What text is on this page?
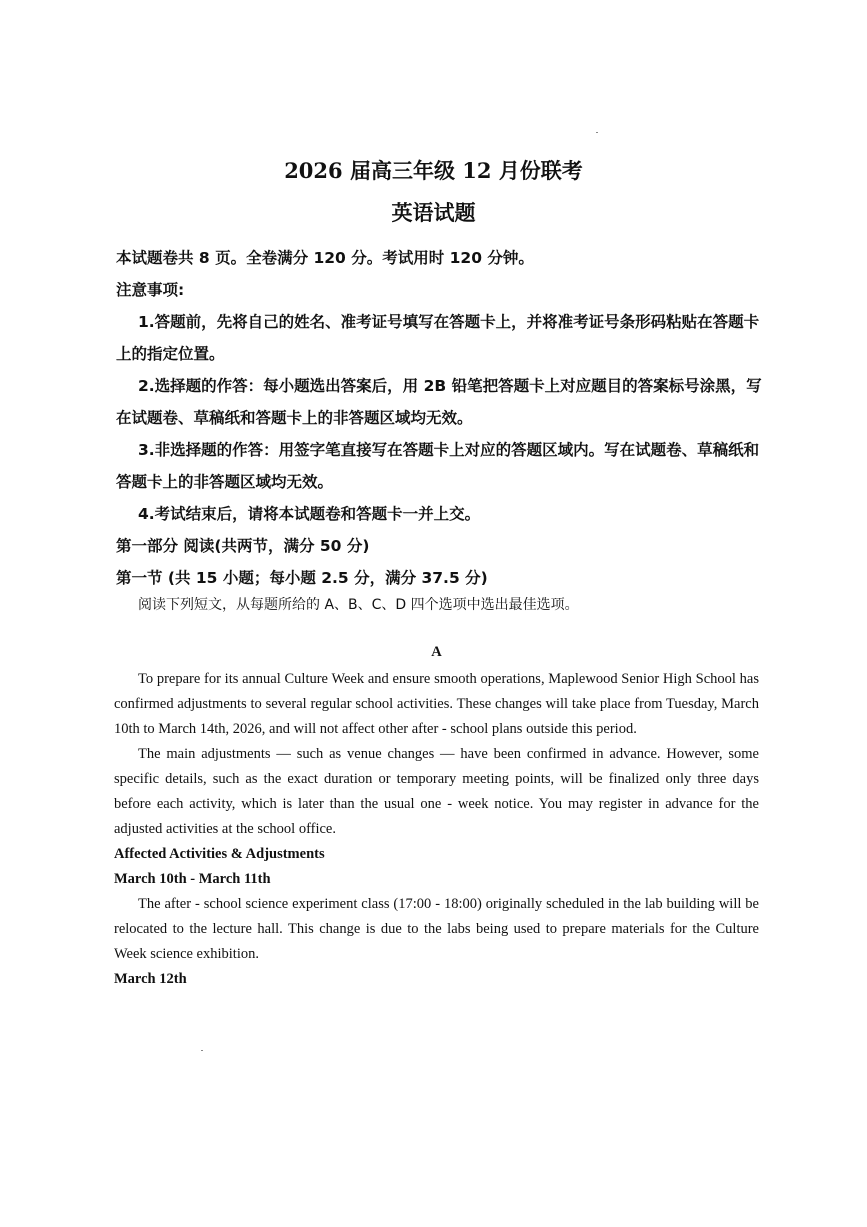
2026 届高三年级 12 月份联考
英语试题
本试题卷共 8 页。全卷满分 120 分。考试用时 120 分钟。
注意事项:
1.答题前，先将自己的姓名、准考证号填写在答题卡上，并将准考证号条形码粘贴在答题卡上的指定位置。
2.选择题的作答：每小题选出答案后，用 2B 铅笔把答题卡上对应题目的答案标号涂黑，写在试题卷、草稿纸和答题卡上的非答题区域均无效。
3.非选择题的作答：用签字笔直接写在答题卡上对应的答题区域内。写在试题卷、草稿纸和答题卡上的非答题区域均无效。
4.考试结束后，请将本试题卷和答题卡一并上交。
第一部分 阅读(共两节，满分 50 分)
第一节 (共 15 小题；每小题 2.5 分，满分 37.5 分)
阅读下列短文，从每题所给的 A、B、C、D 四个选项中选出最佳选项。
A

To prepare for its annual Culture Week and ensure smooth operations, Maplewood Senior High School has confirmed adjustments to several regular school activities. These changes will take place from Tuesday, March 10th to March 14th, 2026, and will not affect other after - school plans outside this period.

The main adjustments — such as venue changes — have been confirmed in advance. However, some specific details, such as the exact duration or temporary meeting points, will be finalized only three days before each activity, which is later than the usual one - week notice. You may register in advance for the adjusted activities at the school office.

Affected Activities & Adjustments

March 10th - March 11th

The after - school science experiment class (17:00 - 18:00) originally scheduled in the lab building will be relocated to the lecture hall. This change is due to the labs being used to prepare materials for the Culture Week science exhibition.

March 12th
